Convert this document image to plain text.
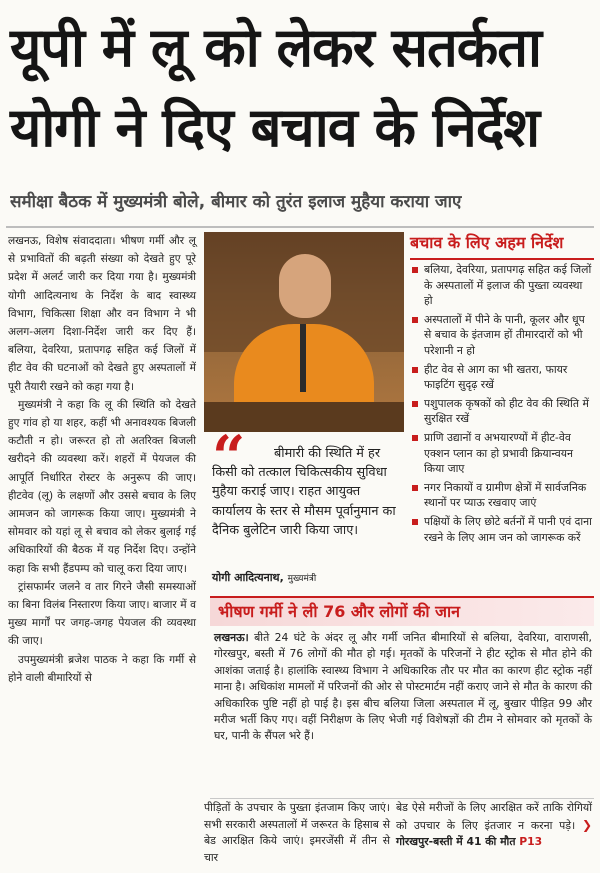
यूपी में लू को लेकर सतर्कता
योगी ने दिए बचाव के निर्देश
समीक्षा बैठक में मुख्यमंत्री बोले, बीमार को तुरंत इलाज मुहैया कराया जाए

लखनऊ, विशेष संवाददाता। भीषण गर्मी और लू से प्रभावितों की बढ़ती संख्या को देखते हुए पूरे प्रदेश में अलर्ट जारी कर दिया गया है। मुख्यमंत्री योगी आदित्यनाथ के निर्देश के बाद स्वास्थ्य विभाग, चिकित्सा शिक्षा और वन विभाग ने भी अलग-अलग दिशा-निर्देश जारी कर दिए हैं। बलिया, देवरिया, प्रतापगढ़ सहित कई जिलों में हीट वेव की घटनाओं को देखते हुए अस्पतालों में पूरी तैयारी रखने को कहा गया है।

मुख्यमंत्री ने कहा कि लू की स्थिति को देखते हुए गांव हो या शहर, कहीं भी अनावश्यक बिजली कटौती न हो। जरूरत हो तो अतरिक्त बिजली खरीदने की व्यवस्था करें। शहरों में पेयजल की आपूर्ति निर्धारित रोस्टर के अनुरूप की जाए। हीटवेव (लू) के लक्षणों और उससे बचाव के लिए आमजन को जागरूक किया जाए। मुख्यमंत्री ने सोमवार को यहां लू से बचाव को लेकर बुलाई गई अधिकारियों की बैठक में यह निर्देश दिए। उन्होंने कहा कि सभी हैंडपम्प को चालू करा दिया जाए।

ट्रांसफार्मर जलने व तार गिरने जैसी समस्याओं का बिना विलंब निस्तारण किया जाए। बाजार में व मुख्य मार्गों पर जगह-जगह पेयजल की व्यवस्था की जाए।

उपमुख्यमंत्री ब्रजेश पाठक ने कहा कि गर्मी से होने वाली बीमारियों से

“	बीमारी की स्थिति में हर किसी को तत्काल चिकित्सकीय सुविधा मुहैया कराई जाए। राहत आयुक्त कार्यालय के स्तर से मौसम पूर्वानुमान का दैनिक बुलेटिन जारी किया जाए।
योगी आदित्यनाथ, मुख्यमंत्री
बचाव के लिए अहम निर्देश
बलिया, देवरिया, प्रतापगढ़ सहित कई जिलों के अस्पतालों में इलाज की पुख्ता व्यवस्था हो
अस्पतालों में पीने के पानी, कूलर और धूप से बचाव के इंतजाम हों तीमारदारों को भी परेशानी न हो
हीट वेव से आग का भी खतरा, फायर फाइटिंग सुदृढ़ रखें
पशुपालक कृषकों को हीट वेव की स्थिति में सुरक्षित रखें
प्राणि उद्यानों व अभयारण्यों में हीट-वेव एक्शन प्लान का हो प्रभावी क्रियान्वयन किया जाए
नगर निकायों व ग्रामीण क्षेत्रों में सार्वजनिक स्थानों पर प्याऊ रखवाए जाएं
पक्षियों के लिए छोटे बर्तनों में पानी एवं दाना रखने के लिए आम जन को जागरूक करें
भीषण गर्मी ने ली 76 और लोगों की जान
लखनऊ। बीते 24 घंटे के अंदर लू और गर्मी जनित बीमारियों से बलिया, देवरिया, वाराणसी, गोरखपुर, बस्ती में 76 लोगों की मौत हो गई। मृतकों के परिजनों ने हीट स्ट्रोक से मौत होने की आशंका जताई है। हालांकि स्वास्थ्य विभाग ने अधिकारिक तौर पर मौत का कारण हीट स्ट्रोक नहीं माना है। अधिकांश मामलों में परिजनों की ओर से पोस्टमार्टम नहीं कराए जाने से मौत के कारण की अधिकारिक पुष्टि नहीं हो पाई है। इस बीच बलिया जिला अस्पताल में लू, बुखार पीड़ित 99 और मरीज भर्ती किए गए। वहीं निरीक्षण के लिए भेजी गई विशेषज्ञों की टीम ने सोमवार को मृतकों के घर, पानी के सैंपल भरे हैं।
पीड़ितों के उपचार के पुख्ता इंतजाम किए जाएं। सभी सरकारी अस्पतालों में जरूरत के हिसाब से बेड आरक्षित किये जाएं। इमरजेंसी में तीन से चार
बेड ऐसे मरीजों के लिए आरक्षित करें ताकि रोगियों को उपचार के लिए इंतजार न करना पड़े। ❯गोरखपुर-बस्ती में 41 की मौत P13
